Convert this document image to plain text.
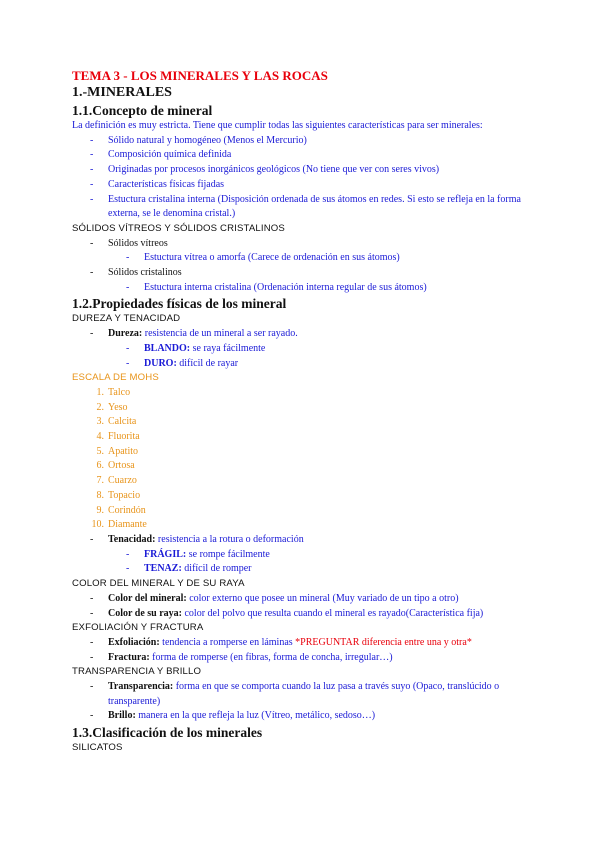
TEMA 3 - LOS MINERALES Y LAS ROCAS
1.-MINERALES
1.1.Concepto de mineral
La definición es muy estricta. Tiene que cumplir todas las siguientes características para ser minerales:
- Sólido natural y homogéneo (Menos el Mercurio)
- Composición química definida
- Originadas por procesos inorgánicos geológicos (No tiene que ver con seres vivos)
- Características físicas fijadas
- Estuctura cristalina interna (Disposición ordenada de sus átomos en redes. Si esto se refleja en la forma externa, se le denomina cristal.)
SÓLIDOS VÍTREOS Y SÓLIDOS CRISTALINOS
- Sólidos vítreos
- Estuctura vítrea o amorfa (Carece de ordenación en sus átomos)
- Sólidos cristalinos
- Estuctura interna cristalina (Ordenación interna regular de sus átomos)
1.2.Propiedades físicas de los mineral
DUREZA Y TENACIDAD
- Dureza: resistencia de un mineral a ser rayado.
- BLANDO: se raya fácilmente
- DURO: difícil de rayar
ESCALA DE MOHS
1. Talco
2. Yeso
3. Calcita
4. Fluorita
5. Apatito
6. Ortosa
7. Cuarzo
8. Topacio
9. Corindón
10. Diamante
- Tenacidad: resistencia a la rotura o deformación
- FRÁGIL: se rompe fácilmente
- TENAZ: difícil de romper
COLOR DEL MINERAL Y DE SU RAYA
- Color del mineral: color externo que posee un mineral (Muy variado de un tipo a otro)
- Color de su raya: color del polvo que resulta cuando el mineral es rayado(Característica fija)
EXFOLIACIÓN Y FRACTURA
- Exfoliación: tendencia a romperse en láminas *PREGUNTAR diferencia entre una y otra*
- Fractura: forma de romperse (en fibras, forma de concha, irregular…)
TRANSPARENCIA Y BRILLO
- Transparencia: forma en que se comporta cuando la luz pasa a través suyo (Opaco, translúcido o transparente)
- Brillo: manera en la que refleja la luz (Vítreo, metálico, sedoso…)
1.3.Clasificación de los minerales
SILICATOS
